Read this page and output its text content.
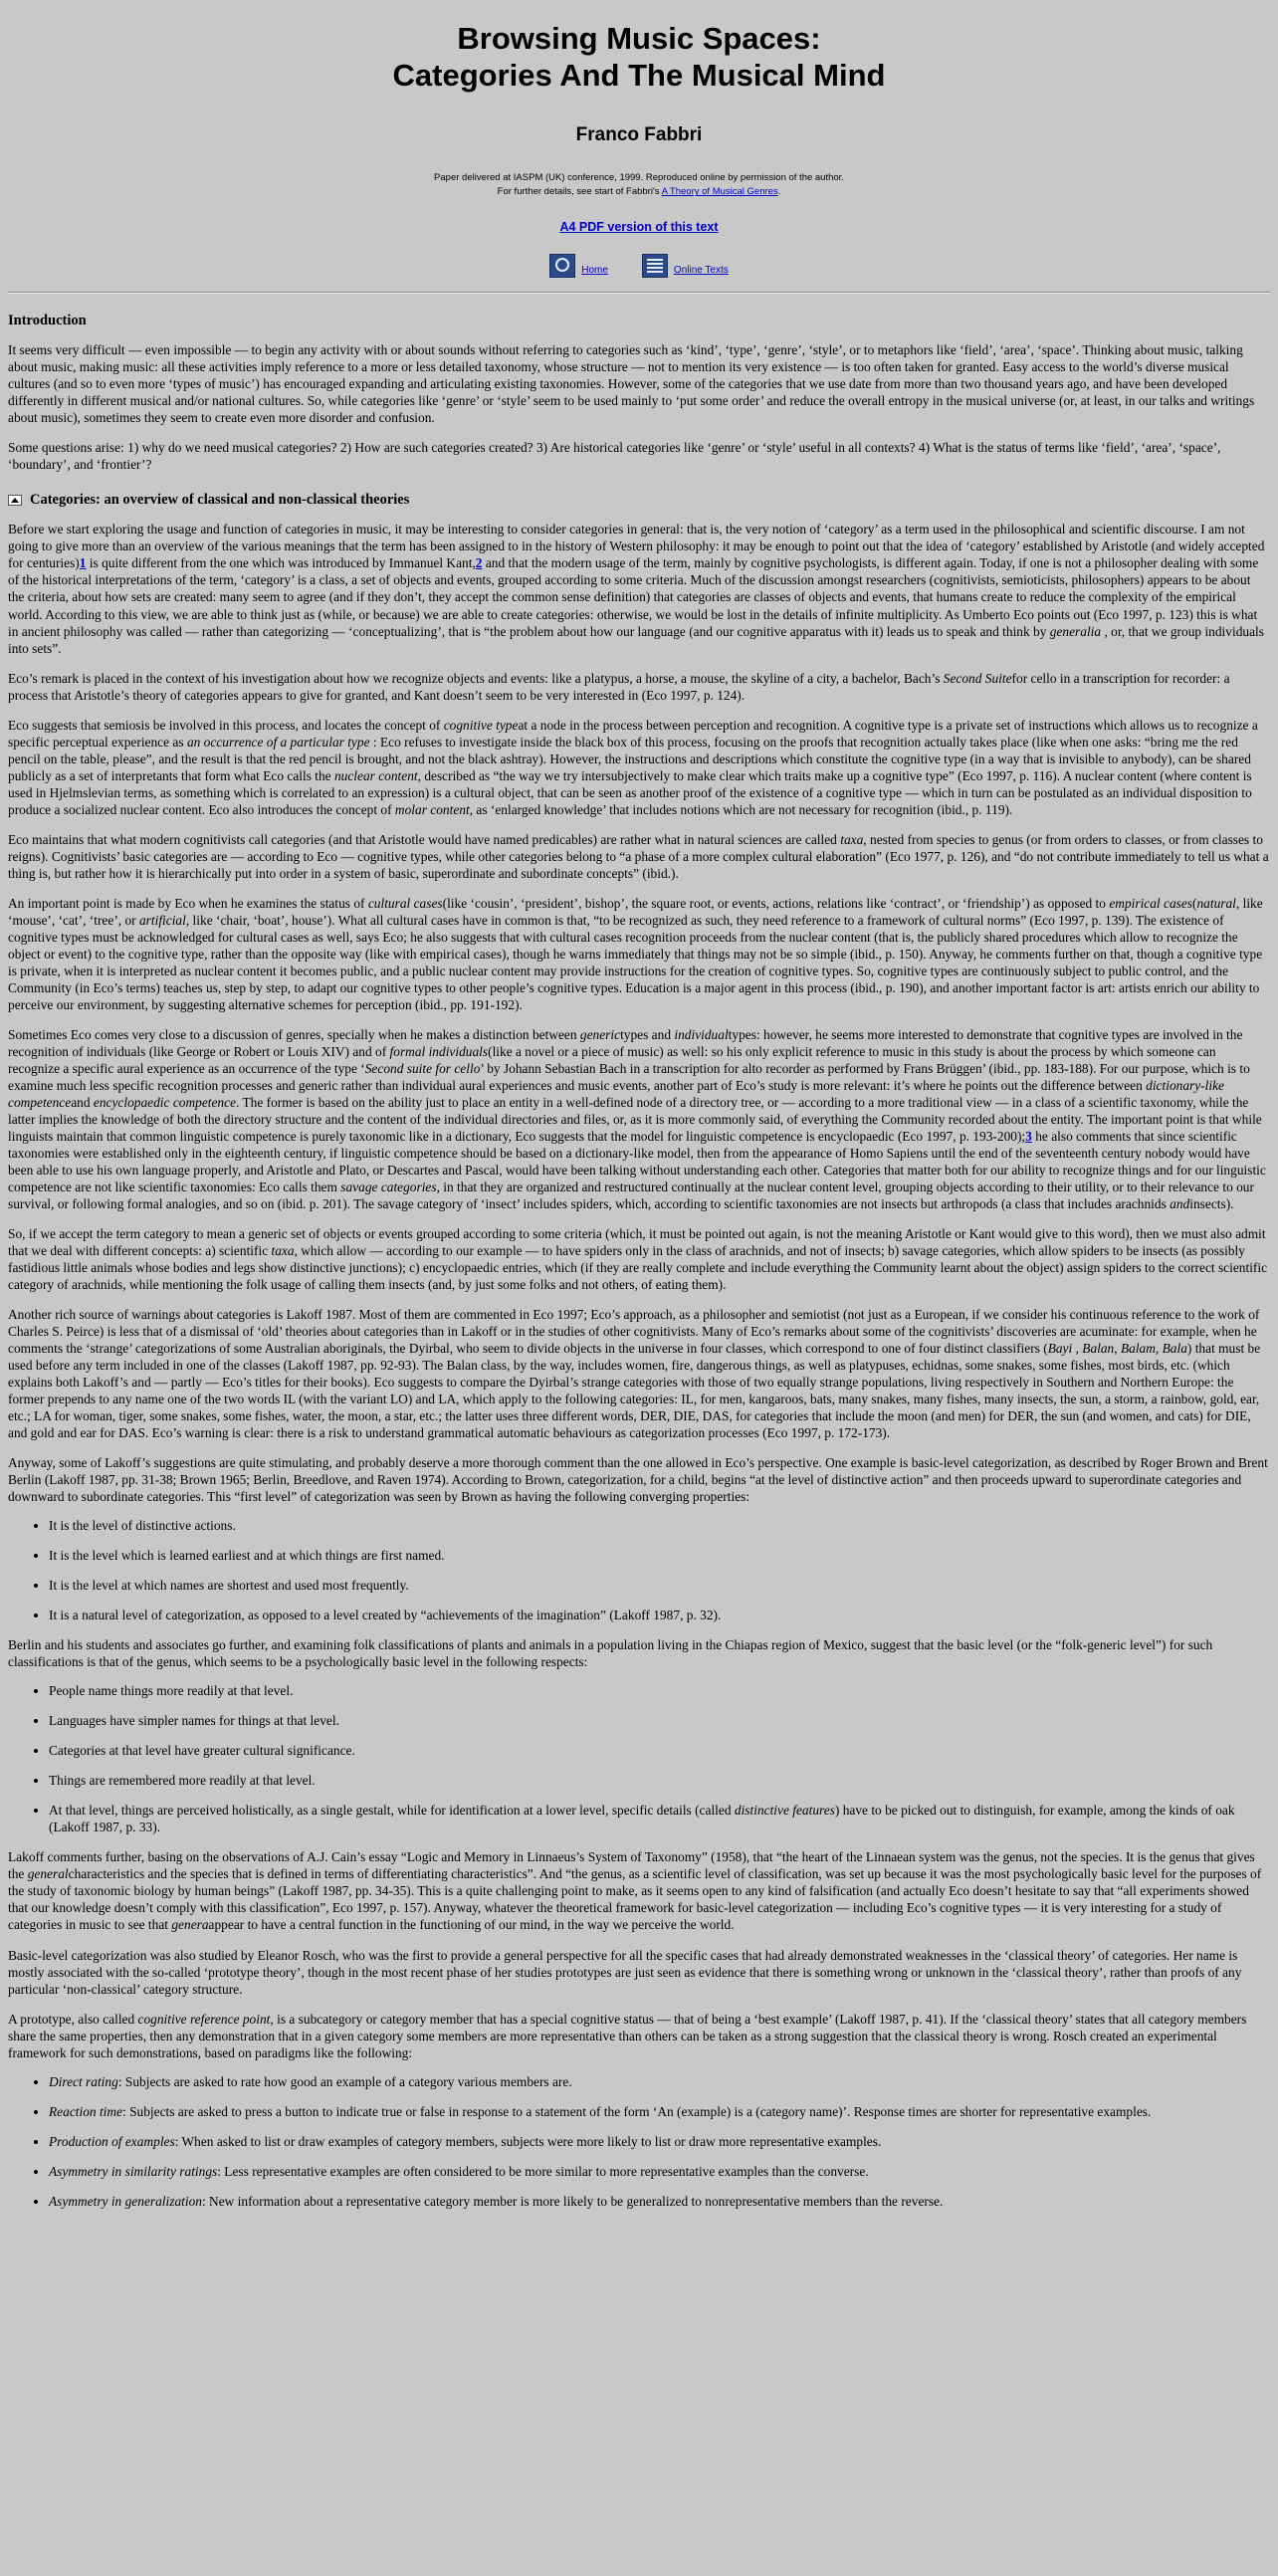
Browsing Music Spaces:
Categories And The Musical Mind
Franco Fabbri

Paper delivered at IASPM (UK) conference, 1999. Reproduced online by permission of the author.

For further details, see start of Fabbri's A Theory of Musical Genres.

A4 PDF version of this text
Home	Online Texts
Introduction

It seems very difficult — even impossible — to begin any activity with or about sounds without referring to categories such as ‘kind’, ‘type’, ‘genre’, ‘style’, or to metaphors like ‘field’, ‘area’, ‘space’. Thinking about music, talking about music, making music: all these activities imply reference to a more or less detailed taxonomy, whose structure — not to mention its very existence — is too often taken for granted. Easy access to the world’s diverse musical cultures (and so to even more ‘types of music’) has encouraged expanding and articulating existing taxonomies. However, some of the categories that we use date from more than two thousand years ago, and have been developed differently in different musical and/or national cultures. So, while categories like ‘genre’ or ‘style’ seem to be used mainly to ‘put some order’ and reduce the overall entropy in the musical universe (or, at least, in our talks and writings about music), sometimes they seem to create even more disorder and confusion.

Some questions arise: 1) why do we need musical categories? 2) How are such categories created? 3) Are historical categories like ‘genre’ or ‘style’ useful in all contexts? 4) What is the status of terms like ‘field’, ‘area’, ‘space’, ‘boundary’, and ‘frontier’?

Categories: an overview of classical and non-classical theories

Before we start exploring the usage and function of categories in music, it may be interesting to consider categories in general: that is, the very notion of ‘category’ as a term used in the philosophical and scientific discourse. I am not going to give more than an overview of the various meanings that the term has been assigned to in the history of Western philosophy: it may be enough to point out that the idea of ‘category’ established by Aristotle (and widely accepted for centuries)1 is quite different from the one which was introduced by Immanuel Kant,2 and that the modern usage of the term, mainly by cognitive psychologists, is different again. Today, if one is not a philosopher dealing with some of the historical interpretations of the term, ‘category’ is a class, a set of objects and events, grouped according to some criteria. Much of the discussion amongst researchers (cognitivists, semioticists, philosophers) appears to be about the criteria, about how sets are created: many seem to agree (and if they don’t, they accept the common sense definition) that categories are classes of objects and events, that humans create to reduce the complexity of the empirical world. According to this view, we are able to think just as (while, or because) we are able to create categories: otherwise, we would be lost in the details of infinite multiplicity. As Umberto Eco points out (Eco 1997, p. 123) this is what in ancient philosophy was called — rather than categorizing — ‘conceptualizing’, that is “the problem about how our language (and our cognitive apparatus with it) leads us to speak and think by generalia , or, that we group individuals into sets”.

Eco’s remark is placed in the context of his investigation about how we recognize objects and events: like a platypus, a horse, a mouse, the skyline of a city, a bachelor, Bach’s Second Suitefor cello in a transcription for recorder: a process that Aristotle’s theory of categories appears to give for granted, and Kant doesn’t seem to be very interested in (Eco 1997, p. 124).

Eco suggests that semiosis be involved in this process, and locates the concept of cognitive typeat a node in the process between perception and recognition. A cognitive type is a private set of instructions which allows us to recognize a specific perceptual experience as an occurrence of a particular type : Eco refuses to investigate inside the black box of this process, focusing on the proofs that recognition actually takes place (like when one asks: “bring me the red pencil on the table, please”, and the result is that the red pencil is brought, and not the black ashtray). However, the instructions and descriptions which constitute the cognitive type (in a way that is invisible to anybody), can be shared publicly as a set of interpretants that form what Eco calls the nuclear content, described as “the way we try intersubjectively to make clear which traits make up a cognitive type” (Eco 1997, p. 116). A nuclear content (where content is used in Hjelmslevian terms, as something which is correlated to an expression) is a cultural object, that can be seen as another proof of the existence of a cognitive type — which in turn can be postulated as an individual disposition to produce a socialized nuclear content. Eco also introduces the concept of molar content, as ‘enlarged knowledge’ that includes notions which are not necessary for recognition (ibid., p. 119).

Eco maintains that what modern cognitivists call categories (and that Aristotle would have named predicables) are rather what in natural sciences are called taxa, nested from species to genus (or from orders to classes, or from classes to reigns). Cognitivists’ basic categories are — according to Eco — cognitive types, while other categories belong to “a phase of a more complex cultural elaboration” (Eco 1977, p. 126), and “do not contribute immediately to tell us what a thing is, but rather how it is hierarchically put into order in a system of basic, superordinate and subordinate concepts” (ibid.).

An important point is made by Eco when he examines the status of cultural cases(like ‘cousin’, ‘president’, bishop’, the square root, or events, actions, relations like ‘contract’, or ‘friendship’) as opposed to empirical cases(natural, like ‘mouse’, ‘cat’, ‘tree’, or artificial, like ‘chair, ‘boat’, house’). What all cultural cases have in common is that, “to be recognized as such, they need reference to a framework of cultural norms” (Eco 1997, p. 139). The existence of cognitive types must be acknowledged for cultural cases as well, says Eco; he also suggests that with cultural cases recognition proceeds from the nuclear content (that is, the publicly shared procedures which allow to recognize the object or event) to the cognitive type, rather than the opposite way (like with empirical cases), though he warns immediately that things may not be so simple (ibid., p. 150). Anyway, he comments further on that, though a cognitive type is private, when it is interpreted as nuclear content it becomes public, and a public nuclear content may provide instructions for the creation of cognitive types. So, cognitive types are continuously subject to public control, and the Community (in Eco’s terms) teaches us, step by step, to adapt our cognitive types to other people’s cognitive types. Education is a major agent in this process (ibid., p. 190), and another important factor is art: artists enrich our ability to perceive our environment, by suggesting alternative schemes for perception (ibid., pp. 191-192).

Sometimes Eco comes very close to a discussion of genres, specially when he makes a distinction between generictypes and individualtypes: however, he seems more interested to demonstrate that cognitive types are involved in the recognition of individuals (like George or Robert or Louis XIV) and of formal individuals(like a novel or a piece of music) as well: so his only explicit reference to music in this study is about the process by which someone can recognize a specific aural experience as an occurrence of the type ‘Second suite for cello’ by Johann Sebastian Bach in a transcription for alto recorder as performed by Frans Brüggen’ (ibid., pp. 183-188). For our purpose, which is to examine much less specific recognition processes and generic rather than individual aural experiences and music events, another part of Eco’s study is more relevant: it’s where he points out the difference between dictionary-like competenceand encyclopaedic competence. The former is based on the ability just to place an entity in a well-defined node of a directory tree, or — according to a more traditional view — in a class of a scientific taxonomy, while the latter implies the knowledge of both the directory structure and the content of the individual directories and files, or, as it is more commonly said, of everything the Community recorded about the entity. The important point is that while linguists maintain that common linguistic competence is purely taxonomic like in a dictionary, Eco suggests that the model for linguistic competence is encyclopaedic (Eco 1997, p. 193-200);3 he also comments that since scientific taxonomies were established only in the eighteenth century, if linguistic competence should be based on a dictionary-like model, then from the appearance of Homo Sapiens until the end of the seventeenth century nobody would have been able to use his own language properly, and Aristotle and Plato, or Descartes and Pascal, would have been talking without understanding each other. Categories that matter both for our ability to recognize things and for our linguistic competence are not like scientific taxonomies: Eco calls them savage categories, in that they are organized and restructured continually at the nuclear content level, grouping objects according to their utility, or to their relevance to our survival, or following formal analogies, and so on (ibid. p. 201). The savage category of ‘insect’ includes spiders, which, according to scientific taxonomies are not insects but arthropods (a class that includes arachnids andinsects).

So, if we accept the term category to mean a generic set of objects or events grouped according to some criteria (which, it must be pointed out again, is not the meaning Aristotle or Kant would give to this word), then we must also admit that we deal with different concepts: a) scientific taxa, which allow — according to our example — to have spiders only in the class of arachnids, and not of insects; b) savage categories, which allow spiders to be insects (as possibly fastidious little animals whose bodies and legs show distinctive junctions); c) encyclopaedic entries, which (if they are really complete and include everything the Community learnt about the object) assign spiders to the correct scientific category of arachnids, while mentioning the folk usage of calling them insects (and, by just some folks and not others, of eating them).

Another rich source of warnings about categories is Lakoff 1987. Most of them are commented in Eco 1997; Eco’s approach, as a philosopher and semiotist (not just as a European, if we consider his continuous reference to the work of Charles S. Peirce) is less that of a dismissal of ‘old’ theories about categories than in Lakoff or in the studies of other cognitivists. Many of Eco’s remarks about some of the cognitivists’ discoveries are acuminate: for example, when he comments the ‘strange’ categorizations of some Australian aboriginals, the Dyirbal, who seem to divide objects in the universe in four classes, which correspond to one of four distinct classifiers (Bayi , Balan, Balam, Bala) that must be used before any term included in one of the classes (Lakoff 1987, pp. 92-93). The Balan class, by the way, includes women, fire, dangerous things, as well as platypuses, echidnas, some snakes, some fishes, most birds, etc. (which explains both Lakoff’s and — partly — Eco’s titles for their books). Eco suggests to compare the Dyirbal’s strange categories with those of two equally strange populations, living respectively in Southern and Northern Europe: the former prepends to any name one of the two words IL (with the variant LO) and LA, which apply to the following categories: IL, for men, kangaroos, bats, many snakes, many fishes, many insects, the sun, a storm, a rainbow, gold, ear, etc.; LA for woman, tiger, some snakes, some fishes, water, the moon, a star, etc.; the latter uses three different words, DER, DIE, DAS, for categories that include the moon (and men) for DER, the sun (and women, and cats) for DIE, and gold and ear for DAS. Eco’s warning is clear: there is a risk to understand grammatical automatic behaviours as categorization processes (Eco 1997, p. 172-173).

Anyway, some of Lakoff’s suggestions are quite stimulating, and probably deserve a more thorough comment than the one allowed in Eco’s perspective. One example is basic-level categorization, as described by Roger Brown and Brent Berlin (Lakoff 1987, pp. 31-38; Brown 1965; Berlin, Breedlove, and Raven 1974). According to Brown, categorization, for a child, begins “at the level of distinctive action” and then proceeds upward to superordinate categories and downward to subordinate categories. This “first level” of categorization was seen by Brown as having the following converging properties:

• It is the level of distinctive actions.
• It is the level which is learned earliest and at which things are first named.
• It is the level at which names are shortest and used most frequently.
• It is a natural level of categorization, as opposed to a level created by “achievements of the imagination” (Lakoff 1987, p. 32).

Berlin and his students and associates go further, and examining folk classifications of plants and animals in a population living in the Chiapas region of Mexico, suggest that the basic level (or the “folk-generic level”) for such classifications is that of the genus, which seems to be a psychologically basic level in the following respects:

• People name things more readily at that level.
• Languages have simpler names for things at that level.
• Categories at that level have greater cultural significance.
• Things are remembered more readily at that level.
• At that level, things are perceived holistically, as a single gestalt, while for identification at a lower level, specific details (called distinctive features) have to be picked out to distinguish, for example, among the kinds of oak (Lakoff 1987, p. 33).

Lakoff comments further, basing on the observations of A.J. Cain’s essay “Logic and Memory in Linnaeus’s System of Taxonomy” (1958), that “the heart of the Linnaean system was the genus, not the species. It is the genus that gives the generalcharacteristics and the species that is defined in terms of differentiating characteristics”. And “the genus, as a scientific level of classification, was set up because it was the most psychologically basic level for the purposes of the study of taxonomic biology by human beings” (Lakoff 1987, pp. 34-35). This is a quite challenging point to make, as it seems open to any kind of falsification (and actually Eco doesn’t hesitate to say that “all experiments showed that our knowledge doesn’t comply with this classification”, Eco 1997, p. 157). Anyway, whatever the theoretical framework for basic-level categorization — including Eco’s cognitive types — it is very interesting for a study of categories in music to see that generaappear to have a central function in the functioning of our mind, in the way we perceive the world.

Basic-level categorization was also studied by Eleanor Rosch, who was the first to provide a general perspective for all the specific cases that had already demonstrated weaknesses in the ‘classical theory’ of categories. Her name is mostly associated with the so-called ‘prototype theory’, though in the most recent phase of her studies prototypes are just seen as evidence that there is something wrong or unknown in the ‘classical theory’, rather than proofs of any particular ‘non-classical’ category structure.

A prototype, also called cognitive reference point, is a subcategory or category member that has a special cognitive status — that of being a ‘best example’ (Lakoff 1987, p. 41). If the ‘classical theory’ states that all category members share the same properties, then any demonstration that in a given category some members are more representative than others can be taken as a strong suggestion that the classical theory is wrong. Rosch created an experimental framework for such demonstrations, based on paradigms like the following:

• Direct rating: Subjects are asked to rate how good an example of a category various members are.
• Reaction time: Subjects are asked to press a button to indicate true or false in response to a statement of the form ‘An (example) is a (category name)’. Response times are shorter for representative examples.
• Production of examples: When asked to list or draw examples of category members, subjects were more likely to list or draw more representative examples.
• Asymmetry in similarity ratings: Less representative examples are often considered to be more similar to more representative examples than the converse.
• Asymmetry in generalization: New information about a representative category member is more likely to be generalized to nonrepresentative members than the reverse.
